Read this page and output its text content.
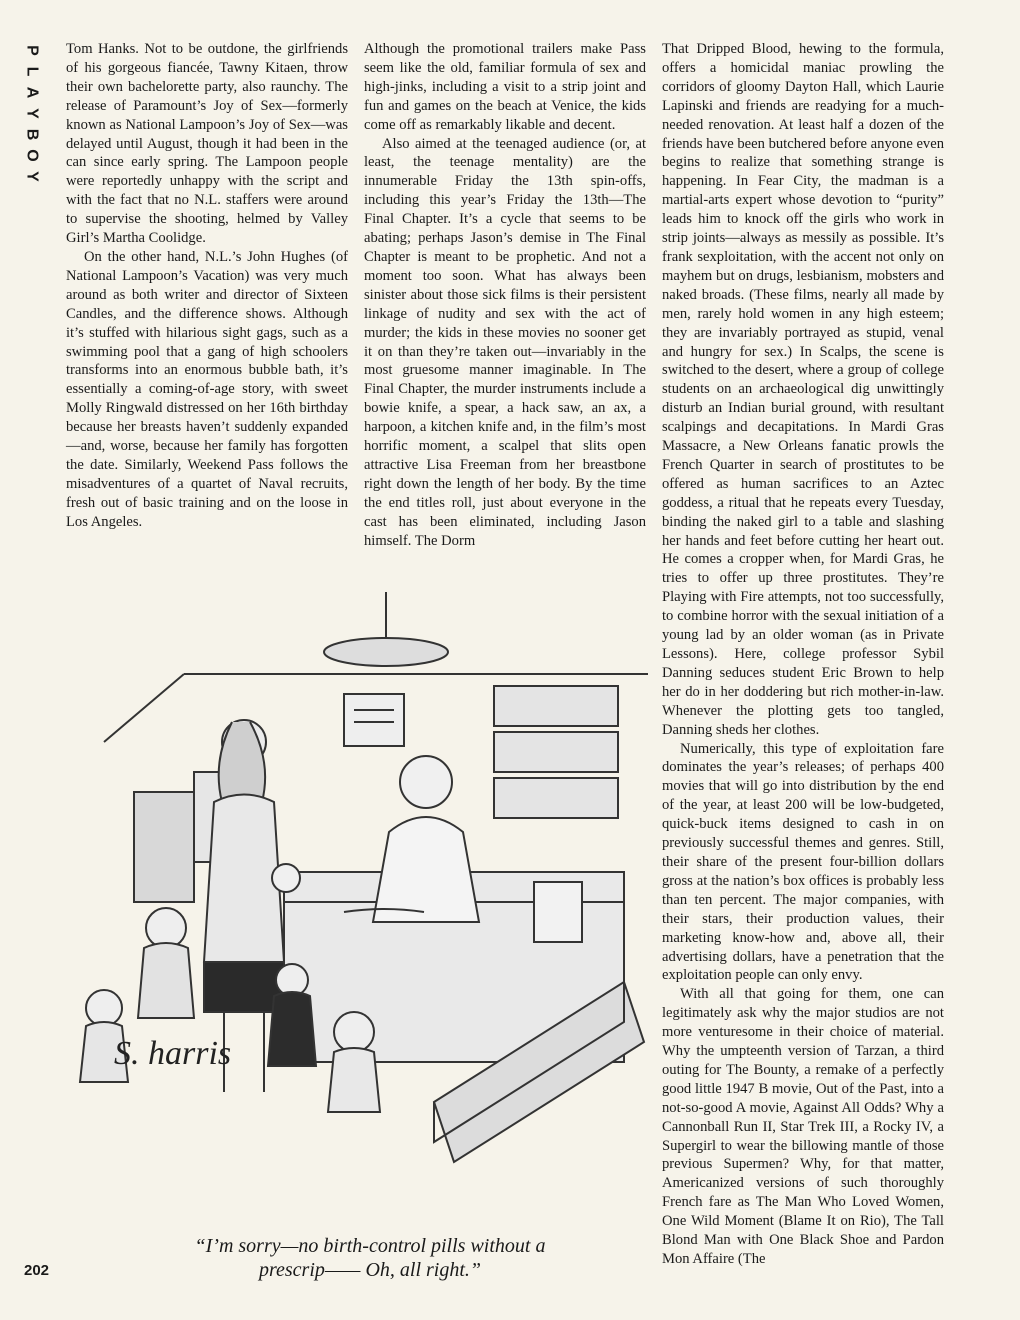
P
L
A
Y
B
O
Y

Tom Hanks. Not to be outdone, the girlfriends of his gorgeous fiancée, Tawny Kitaen, throw their own bachelorette party, also raunchy. The release of Paramount’s Joy of Sex—formerly known as National Lampoon’s Joy of Sex—was delayed until August, though it had been in the can since early spring. The Lampoon people were reportedly unhappy with the script and with the fact that no N.L. staffers were around to supervise the shooting, helmed by Valley Girl’s Martha Coolidge.

On the other hand, N.L.’s John Hughes (of National Lampoon’s Vacation) was very much around as both writer and director of Sixteen Candles, and the difference shows. Although it’s stuffed with hilarious sight gags, such as a swimming pool that a gang of high schoolers transforms into an enormous bubble bath, it’s essentially a coming-of-age story, with sweet Molly Ringwald distressed on her 16th birthday because her breasts haven’t suddenly expanded—and, worse, because her family has forgotten the date. Similarly, Weekend Pass follows the misadventures of a quartet of Naval recruits, fresh out of basic training and on the loose in Los Angeles.

Although the promotional trailers make Pass seem like the old, familiar formula of sex and high-jinks, including a visit to a strip joint and fun and games on the beach at Venice, the kids come off as remarkably likable and decent.

Also aimed at the teenaged audience (or, at least, the teenage mentality) are the innumerable Friday the 13th spin-offs, including this year’s Friday the 13th—The Final Chapter. It’s a cycle that seems to be abating; perhaps Jason’s demise in The Final Chapter is meant to be prophetic. And not a moment too soon. What has always been sinister about those sick films is their persistent linkage of nudity and sex with the act of murder; the kids in these movies no sooner get it on than they’re taken out—invariably in the most gruesome manner imaginable. In The Final Chapter, the murder instruments include a bowie knife, a spear, a hack saw, an ax, a harpoon, a kitchen knife and, in the film’s most horrific moment, a scalpel that slits open attractive Lisa Freeman from her breastbone right down the length of her body. By the time the end titles roll, just about everyone in the cast has been eliminated, including Jason himself. The Dorm

That Dripped Blood, hewing to the formula, offers a homicidal maniac prowling the corridors of gloomy Dayton Hall, which Laurie Lapinski and friends are readying for a much-needed renovation. At least half a dozen of the friends have been butchered before anyone even begins to realize that something strange is happening. In Fear City, the madman is a martial-arts expert whose devotion to “purity” leads him to knock off the girls who work in strip joints—always as messily as possible. It’s frank sexploitation, with the accent not only on mayhem but on drugs, lesbianism, mobsters and naked broads. (These films, nearly all made by men, rarely hold women in any high esteem; they are invariably portrayed as stupid, venal and hungry for sex.) In Scalps, the scene is switched to the desert, where a group of college students on an archaeological dig unwittingly disturb an Indian burial ground, with resultant scalpings and decapitations. In Mardi Gras Massacre, a New Orleans fanatic prowls the French Quarter in search of prostitutes to be offered as human sacrifices to an Aztec goddess, a ritual that he repeats every Tuesday, binding the naked girl to a table and slashing her hands and feet before cutting her heart out. He comes a cropper when, for Mardi Gras, he tries to offer up three prostitutes. They’re Playing with Fire attempts, not too successfully, to combine horror with the sexual initiation of a young lad by an older woman (as in Private Lessons). Here, college professor Sybil Danning seduces student Eric Brown to help her do in her doddering but rich mother-in-law. Whenever the plotting gets too tangled, Danning sheds her clothes.

Numerically, this type of exploitation fare dominates the year’s releases; of perhaps 400 movies that will go into distribution by the end of the year, at least 200 will be low-budgeted, quick-buck items designed to cash in on previously successful themes and genres. Still, their share of the present four-billion dollars gross at the nation’s box offices is probably less than ten percent. The major companies, with their stars, their production values, their marketing know-how and, above all, their advertising dollars, have a penetration that the exploitation people can only envy.

With all that going for them, one can legitimately ask why the major studios are not more venturesome in their choice of material. Why the umpteenth version of Tarzan, a third outing for The Bounty, a remake of a perfectly good little 1947 B movie, Out of the Past, into a not-so-good A movie, Against All Odds? Why a Cannonball Run II, Star Trek III, a Rocky IV, a Supergirl to wear the billowing mantle of those previous Supermen? Why, for that matter, Americanized versions of such thoroughly French fare as The Man Who Loved Women, One Wild Moment (Blame It on Rio), The Tall Blond Man with One Black Shoe and Pardon Mon Affaire (The

S. harris
“I’m sorry—no birth-control pills without a
prescrip—— Oh, all right.”
202
